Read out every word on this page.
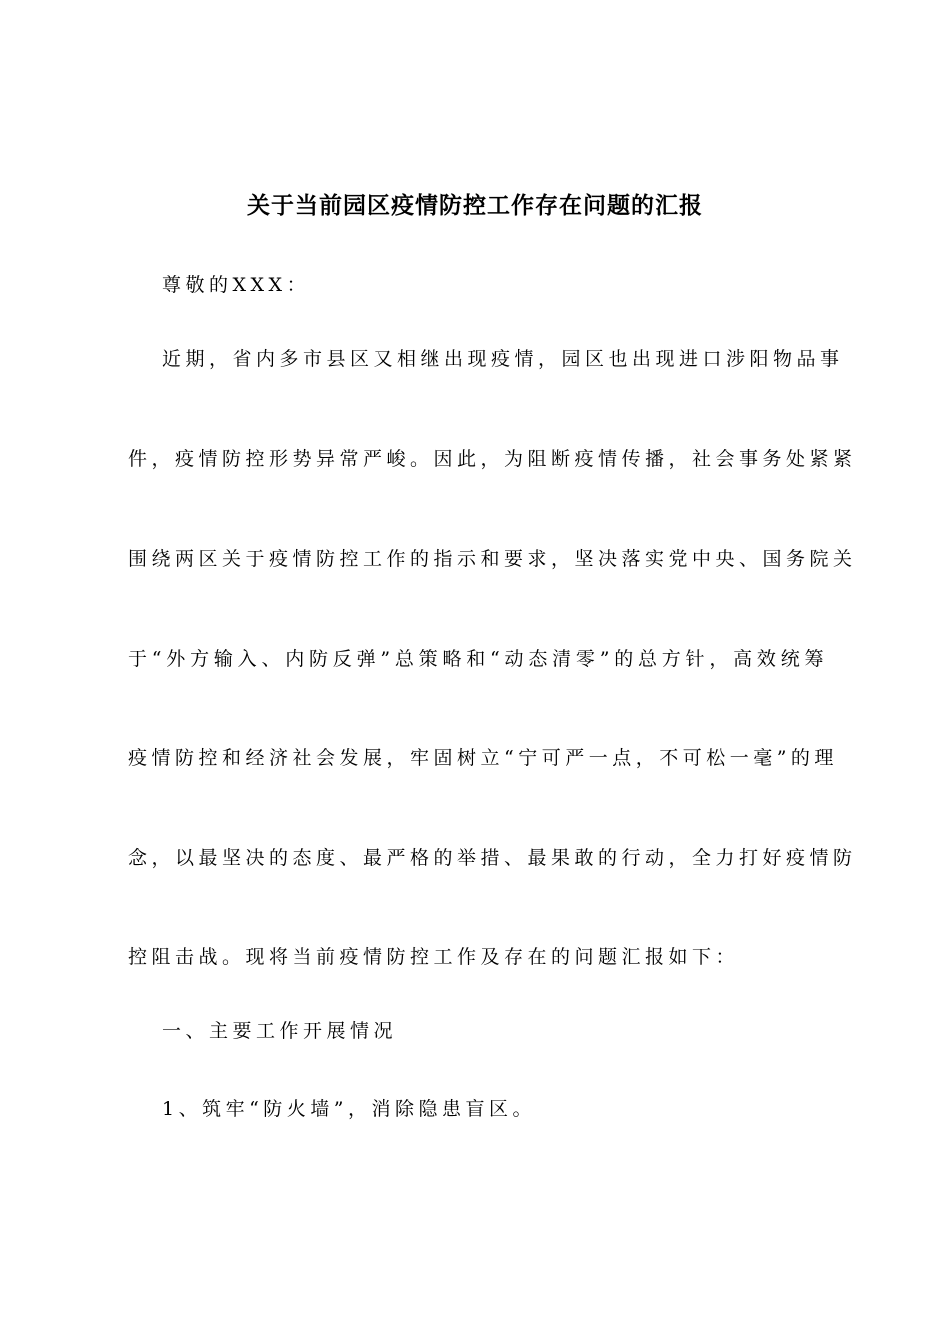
关于当前园区疫情防控工作存在问题的汇报
尊敬的XXX：
近期，省内多市县区又相继出现疫情，园区也出现进口涉阳物品事
件，疫情防控形势异常严峻。因此，为阻断疫情传播，社会事务处紧紧
围绕两区关于疫情防控工作的指示和要求，坚决落实党中央、国务院关
于“外方输入、内防反弹”总策略和“动态清零”的总方针，高效统筹
疫情防控和经济社会发展，牢固树立“宁可严一点，不可松一毫”的理
念，以最坚决的态度、最严格的举措、最果敢的行动，全力打好疫情防
控阻击战。现将当前疫情防控工作及存在的问题汇报如下：
一、主要工作开展情况
1、筑牢“防火墙”，消除隐患盲区。
